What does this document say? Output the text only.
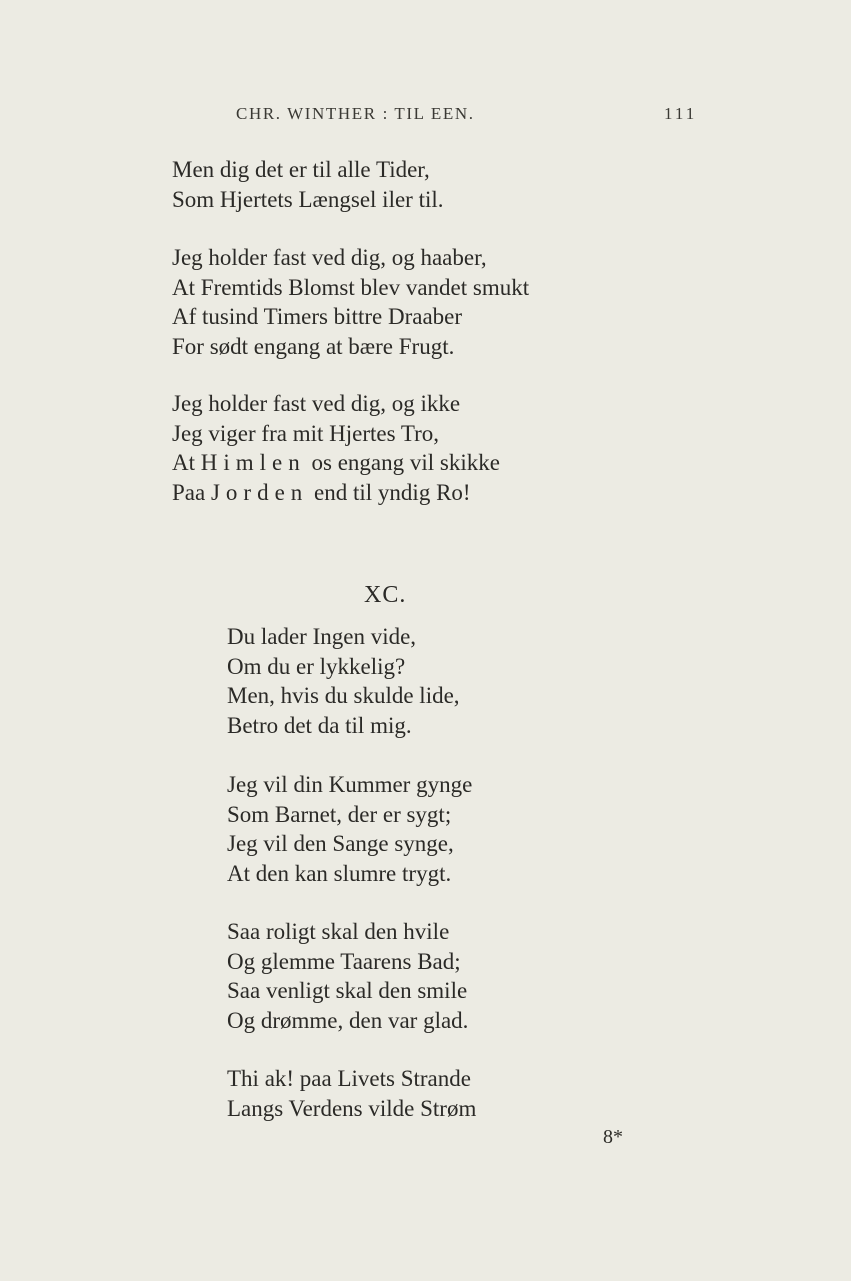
CHR. WINTHER : TIL EEN.	111

Men dig det er til alle Tider,
Som Hjertets Længsel iler til.

Jeg holder fast ved dig, og haaber,
At Fremtids Blomst blev vandet smukt
Af tusind Timers bittre Draaber
For sødt engang at bære Frugt.

Jeg holder fast ved dig, og ikke
Jeg viger fra mit Hjertes Tro,
At Himlen os engang vil skikke
Paa Jorden end til yndig Ro!

XC.

Du lader Ingen vide,
Om du er lykkelig?
Men, hvis du skulde lide,
Betro det da til mig.

Jeg vil din Kummer gynge
Som Barnet, der er sygt;
Jeg vil den Sange synge,
At den kan slumre trygt.

Saa roligt skal den hvile
Og glemme Taarens Bad;
Saa venligt skal den smile
Og drømme, den var glad.

Thi ak! paa Livets Strande
Langs Verdens vilde Strøm

8*
